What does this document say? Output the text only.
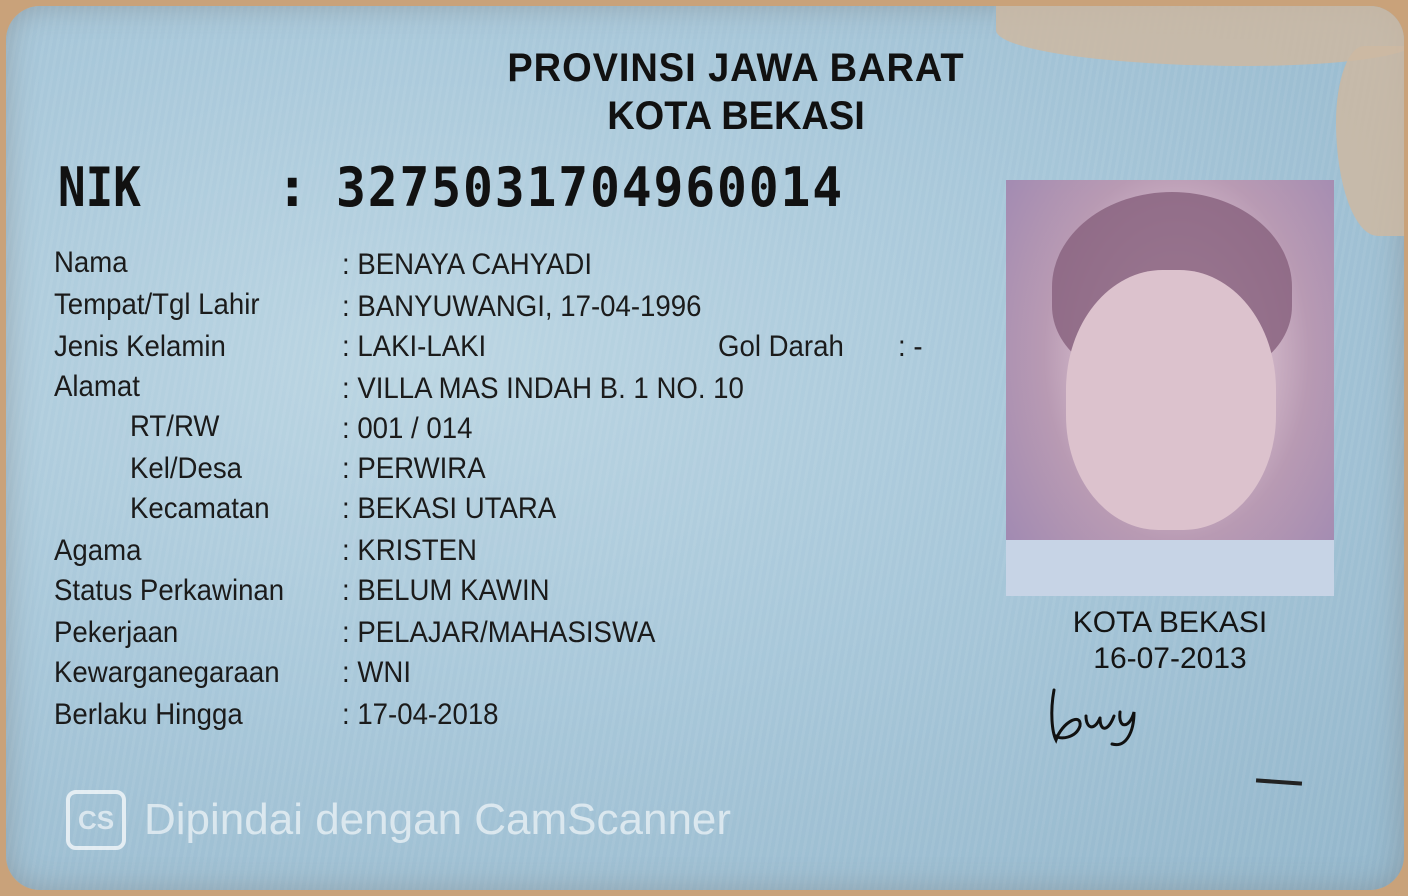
PROVINSI JAWA BARAT
KOTA BEKASI
NIK	: 3275031704960014
Nama	: BENAYA CAHYADI
Tempat/Tgl Lahir	: BANYUWANGI, 17-04-1996
Jenis Kelamin	: LAKI-LAKI	Gol Darah : -
Alamat	: VILLA MAS INDAH B. 1 NO. 10
RT/RW	: 001 / 014
Kel/Desa	: PERWIRA
Kecamatan : BEKASI UTARA
Agama	: KRISTEN
Status Perkawinan : BELUM KAWIN
Pekerjaan	: PELAJAR/MAHASISWA
Kewarganegaraan : WNI
Berlaku Hingga	: 17-04-2018
KOTA BEKASI
16-07-2013
CS Dipindai dengan CamScanner
